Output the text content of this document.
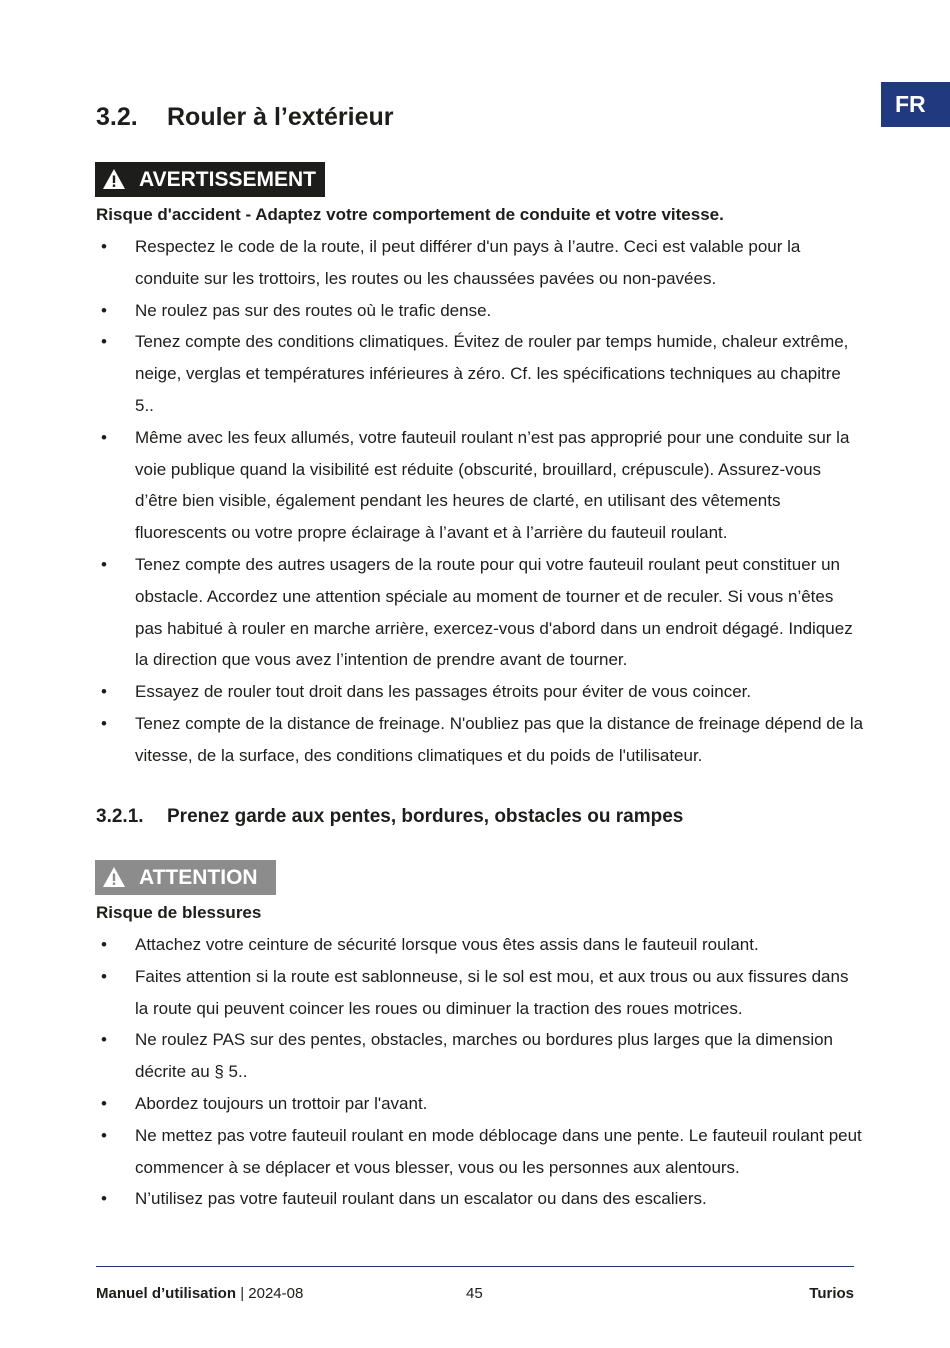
FR
3.2. Rouler à l’extérieur
AVERTISSEMENT

Risque d'accident - Adaptez votre comportement de conduite et votre vitesse.

• Respectez le code de la route, il peut différer d'un pays à l’autre. Ceci est valable pour la conduite sur les trottoirs, les routes ou les chaussées pavées ou non-pavées.
• Ne roulez pas sur des routes où le trafic dense.
• Tenez compte des conditions climatiques. Évitez de rouler par temps humide, chaleur extrême, neige, verglas et températures inférieures à zéro. Cf. les spécifications techniques au chapitre 5..
• Même avec les feux allumés, votre fauteuil roulant n’est pas approprié pour une conduite sur la voie publique quand la visibilité est réduite (obscurité, brouillard, crépuscule). Assurez-vous d’être bien visible, également pendant les heures de clarté, en utilisant des vêtements fluorescents ou votre propre éclairage à l’avant et à l’arrière du fauteuil roulant.
• Tenez compte des autres usagers de la route pour qui votre fauteuil roulant peut constituer un obstacle. Accordez une attention spéciale au moment de tourner et de reculer. Si vous n’êtes pas habitué à rouler en marche arrière, exercez-vous d'abord dans un endroit dégagé. Indiquez la direction que vous avez l’intention de prendre avant de tourner.
• Essayez de rouler tout droit dans les passages étroits pour éviter de vous coincer.
• Tenez compte de la distance de freinage. N'oubliez pas que la distance de freinage dépend de la vitesse, de la surface, des conditions climatiques et du poids de l'utilisateur.
3.2.1. Prenez garde aux pentes, bordures, obstacles ou rampes
ATTENTION

Risque de blessures

• Attachez votre ceinture de sécurité lorsque vous êtes assis dans le fauteuil roulant.
• Faites attention si la route est sablonneuse, si le sol est mou, et aux trous ou aux fissures dans la route qui peuvent coincer les roues ou diminuer la traction des roues motrices.
• Ne roulez PAS sur des pentes, obstacles, marches ou bordures plus larges que la dimension décrite au § 5..
• Abordez toujours un trottoir par l'avant.
• Ne mettez pas votre fauteuil roulant en mode déblocage dans une pente. Le fauteuil roulant peut commencer à se déplacer et vous blesser, vous ou les personnes aux alentours.
• N’utilisez pas votre fauteuil roulant dans un escalator ou dans des escaliers.
Manuel d’utilisation | 2024-08	45	Turios
